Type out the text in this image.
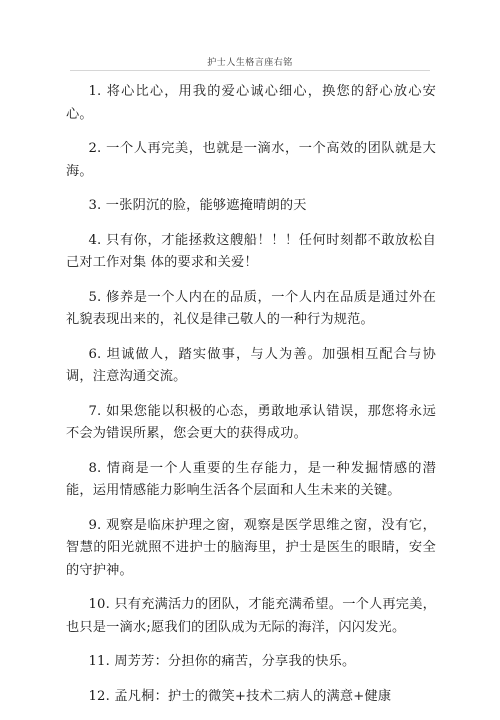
护士人生格言座右铭

1. 将心比心，用我的爱心诚心细心，换您的舒心放心安心。

2. 一个人再完美，也就是一滴水，一个高效的团队就是大海。

3. 一张阴沉的脸，能够遮掩晴朗的天

4. 只有你，才能拯救这艘船！！！任何时刻都不敢放松自己对工作对集 体的要求和关爱！

5. 修养是一个人内在的品质，一个人内在品质是通过外在礼貌表现出来的，礼仪是律己敬人的一种行为规范。

6. 坦诚做人，踏实做事，与人为善。加强相互配合与协调，注意沟通交流。

7. 如果您能以积极的心态，勇敢地承认错误，那您将永远不会为错误所累，您会更大的获得成功。

8. 情商是一个人重要的生存能力，是一种发掘情感的潜能，运用情感能力影响生活各个层面和人生未来的关键。

9. 观察是临床护理之窗，观察是医学思维之窗，没有它，智慧的阳光就照不进护士的脑海里，护士是医生的眼睛，安全的守护神。

10. 只有充满活力的团队，才能充满希望。一个人再完美，也只是一滴水;愿我们的团队成为无际的海洋，闪闪发光。

11. 周芳芳：分担你的痛苦，分享我的快乐。

12. 孟凡桐：护士的微笑+技术二病人的满意+健康
